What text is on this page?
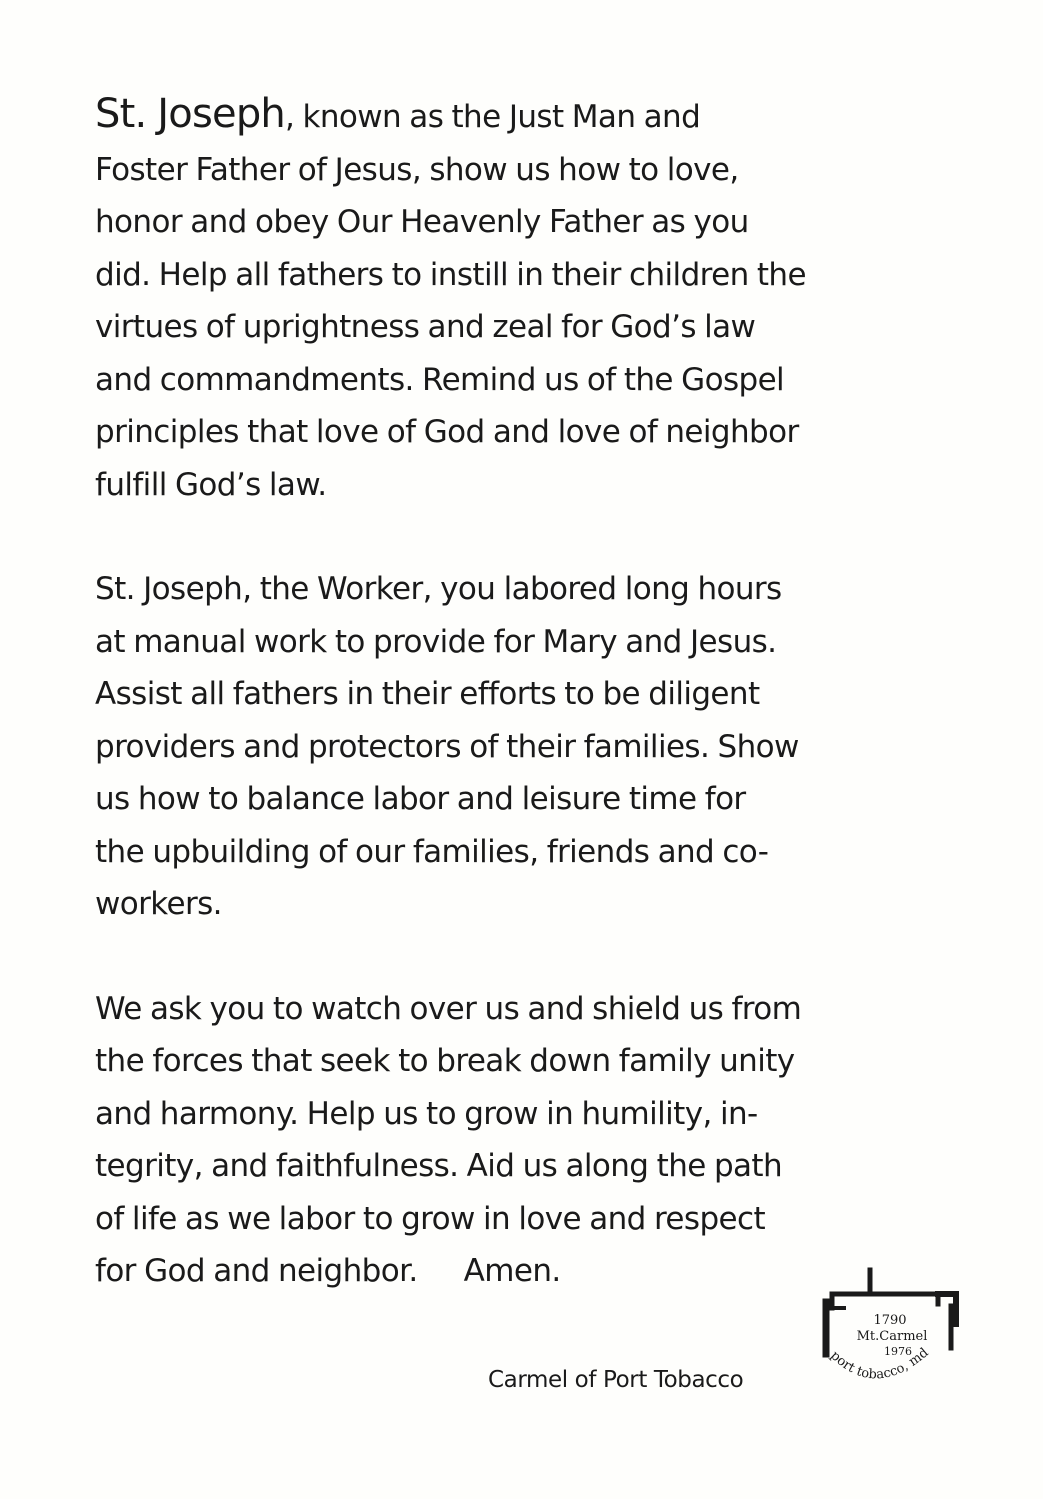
St. Joseph, known as the Just Man and
Foster Father of Jesus, show us how to love,
honor and obey Our Heavenly Father as you
did. Help all fathers to instill in their children the
virtues of uprightness and zeal for God’s law
and commandments. Remind us of the Gospel
principles that love of God and love of neighbor
fulfill God’s law.

St. Joseph, the Worker, you labored long hours
at manual work to provide for Mary and Jesus.
Assist all fathers in their efforts to be diligent
providers and protectors of their families. Show
us how to balance labor and leisure time for
the upbuilding of our families, friends and co-
workers.

We ask you to watch over us and shield us from
the forces that seek to break down family unity
and harmony. Help us to grow in humility, in-
tegrity, and faithfulness. Aid us along the path
of life as we labor to grow in love and respect
for God and neighbor. Amen.

Carmel of Port Tobacco
1790
Mt.Carmel
1976
port tobacco, md
